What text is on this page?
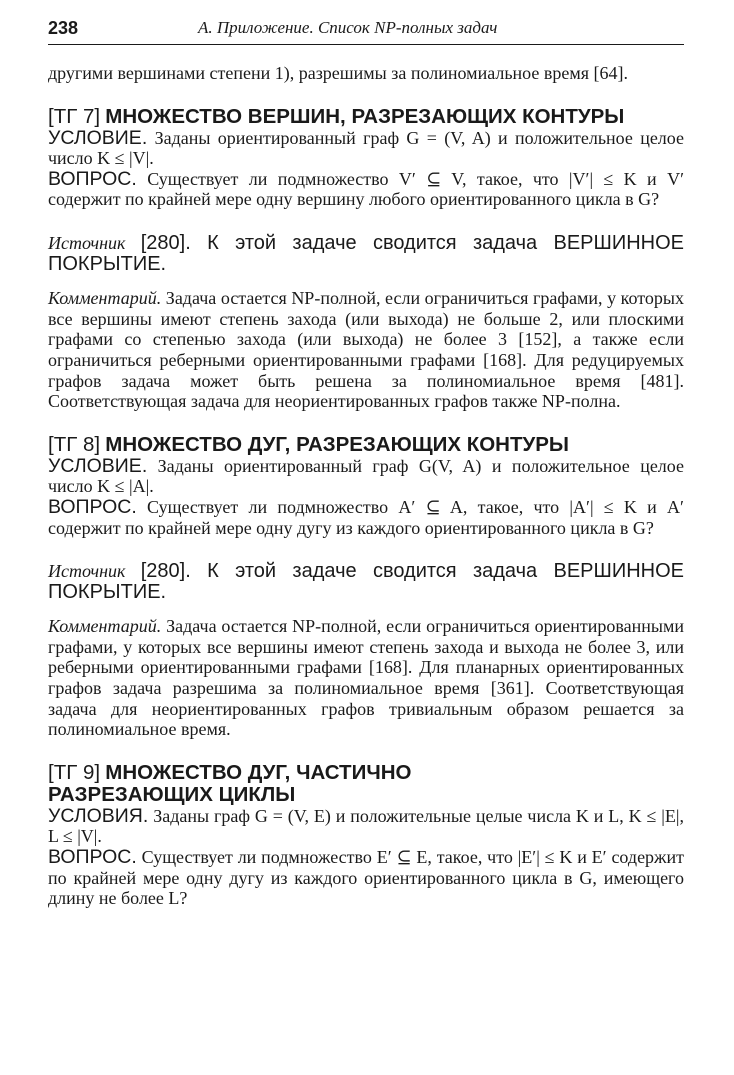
238	А. Приложение. Список NP-полных задач

другими вершинами степени 1), разрешимы за полиномиальное время [64].

[ТГ 7] МНОЖЕСТВО ВЕРШИН, РАЗРЕЗАЮЩИХ КОНТУРЫ

УСЛОВИЕ. Заданы ориентированный граф G = (V, A) и положительное целое число K ≤ |V|.

ВОПРОС. Существует ли подмножество V′ ⊆ V, такое, что |V′| ≤ K и V′ содержит по крайней мере одну вершину любого ориентированного цикла в G?

Источник [280]. К этой задаче сводится задача ВЕРШИННОЕ ПОКРЫТИЕ.

Комментарий. Задача остается NP-полной, если ограничиться графами, у которых все вершины имеют степень захода (или выхода) не больше 2, или плоскими графами со степенью захода (или выхода) не более 3 [152], а также если ограничиться реберными ориентированными графами [168]. Для редуцируемых графов задача может быть решена за полиномиальное время [481]. Соответствующая задача для неориентированных графов также NP-полна.

[ТГ 8] МНОЖЕСТВО ДУГ, РАЗРЕЗАЮЩИХ КОНТУРЫ

УСЛОВИЕ. Заданы ориентированный граф G(V, A) и положительное целое число K ≤ |A|.

ВОПРОС. Существует ли подмножество A′ ⊆ A, такое, что |A′| ≤ K и A′ содержит по крайней мере одну дугу из каждого ориентированного цикла в G?

Источник [280]. К этой задаче сводится задача ВЕРШИННОЕ ПОКРЫТИЕ.

Комментарий. Задача остается NP-полной, если ограничиться ориентированными графами, у которых все вершины имеют степень захода и выхода не более 3, или реберными ориентированными графами [168]. Для планарных ориентированных графов задача разрешима за полиномиальное время [361]. Соответствующая задача для неориентированных графов тривиальным образом решается за полиномиальное время.

[ТГ 9] МНОЖЕСТВО ДУГ, ЧАСТИЧНО РАЗРЕЗАЮЩИХ ЦИКЛЫ

УСЛОВИЯ. Заданы граф G = (V, E) и положительные целые числа K и L, K ≤ |E|, L ≤ |V|.

ВОПРОС. Существует ли подмножество E′ ⊆ E, такое, что |E′| ≤ K и E′ содержит по крайней мере одну дугу из каждого ориентированного цикла в G, имеющего длину не более L?
